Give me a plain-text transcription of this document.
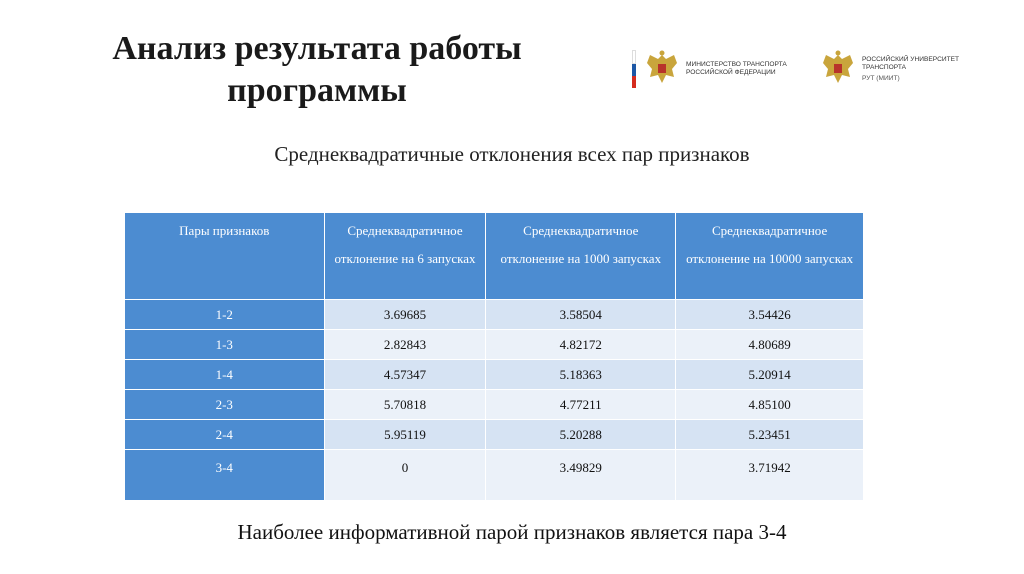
Анализ результата работы
программы
МИНИСТЕРСТВО ТРАНСПОРТА
РОССИЙСКОЙ ФЕДЕРАЦИИ
РОССИЙСКИЙ УНИВЕРСИТЕТ
ТРАНСПОРТА
РУТ (МИИТ)
Среднеквадратичные отклонения всех пар признаков
Пары признаков	Среднеквадратичное отклонение на 6 запусках	Среднеквадратичное отклонение на 1000 запусках	Среднеквадратичное отклонение на 10000 запусках
1-2	3.69685	3.58504	3.54426
1-3	2.82843	4.82172	4.80689
1-4	4.57347	5.18363	5.20914
2-3	5.70818	4.77211	4.85100
2-4	5.95119	5.20288	5.23451
3-4	0	3.49829	3.71942
Наиболее информативной парой признаков является пара 3-4
